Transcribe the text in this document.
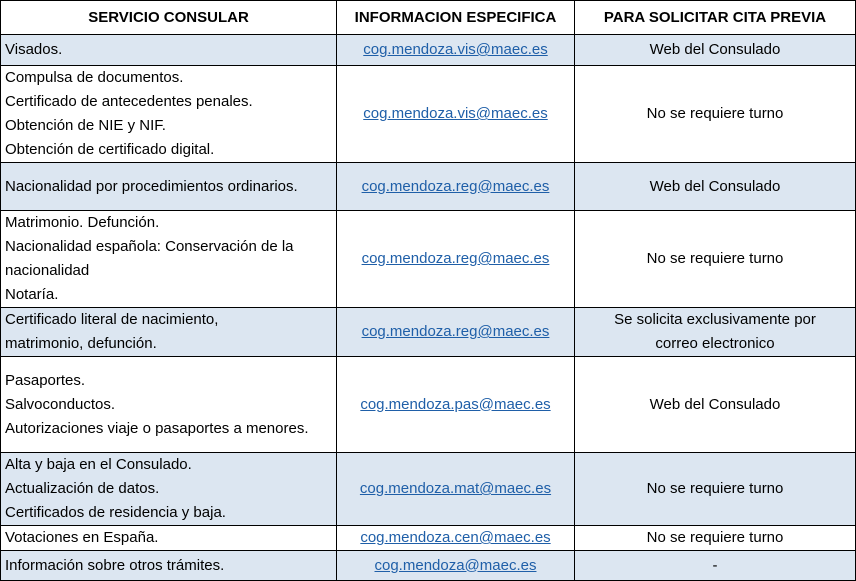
SERVICIO CONSULAR	INFORMACION ESPECIFICA	PARA SOLICITAR CITA PREVIA

Visados.	cog.mendoza.vis@maec.es	Web del Consulado

Compulsa de documentos.
Certificado de antecedentes penales.
Obtención de NIE y NIF.
Obtención de certificado digital.	cog.mendoza.vis@maec.es	No se requiere turno

Nacionalidad por procedimientos ordinarios.	cog.mendoza.reg@maec.es	Web del Consulado

Matrimonio. Defunción.
Nacionalidad española: Conservación de la nacionalidad
Notaría.	cog.mendoza.reg@maec.es	No se requiere turno

Certificado literal de nacimiento,
matrimonio, defunción.	cog.mendoza.reg@maec.es	Se solicita exclusivamente por
correo electronico

Pasaportes.
Salvoconductos.
Autorizaciones viaje o pasaportes a menores.	cog.mendoza.pas@maec.es	Web del Consulado

Alta y baja en el Consulado.
Actualización de datos.
Certificados de residencia y baja.	cog.mendoza.mat@maec.es	No se requiere turno

Votaciones en España.	cog.mendoza.cen@maec.es	No se requiere turno

Información sobre otros trámites.	cog.mendoza@maec.es	-
